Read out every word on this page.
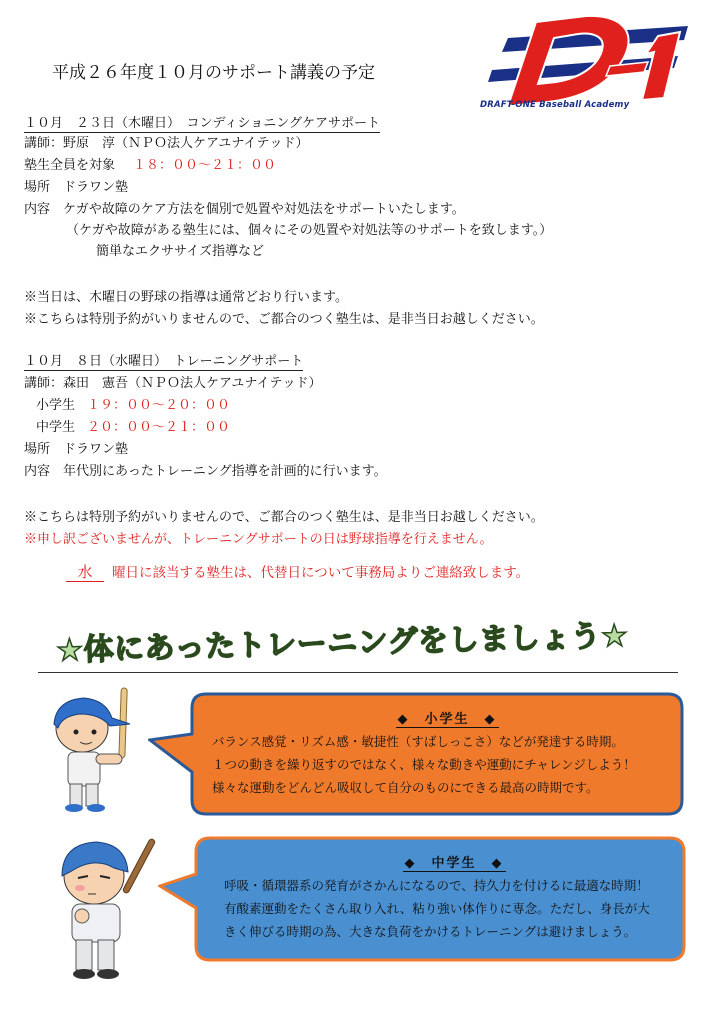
平成２６年度１０月のサポート講義の予定
DRAFT-ONE Baseball Academy
１０月　２３日（木曜日）　コンディショニングケアサポート
講師：野原　淳（ＮＰＯ法人ケアユナイテッド）
塾生全員を対象 １８：００～２１：００
場所　ドラワン塾
内容　ケガや故障のケア方法を個別で処置や対処法をサポートいたします。
（ケガや故障がある塾生には、個々にその処置や対処法等のサポートを致します。）
簡単なエクササイズ指導など
※当日は、木曜日の野球の指導は通常どおり行います。
※こちらは特別予約がいりませんので、ご都合のつく塾生は、是非当日お越しください。
１０月　８日（水曜日）　トレーニングサポート
講師：森田　憲吾（ＮＰＯ法人ケアユナイテッド）
小学生 １９：００～２０：００
中学生 ２０：００～２１：００
場所　ドラワン塾
内容　年代別にあったトレーニング指導を計画的に行います。
※こちらは特別予約がいりませんので、ご都合のつく塾生は、是非当日お越しください。
※申し訳ございませんが、トレーニングサポートの日は野球指導を行えません。
水 曜日に該当する塾生は、代替日について事務局よりご連絡致します。
★体にあったトレーニングをしましょう★
◆　小学生　◆
バランス感覚・リズム感・敏捷性（すばしっこさ）などが発達する時期。
１つの動きを繰り返すのではなく、様々な動きや運動にチャレンジしよう！
様々な運動をどんどん吸収して自分のものにできる最高の時期です。
◆　中学生　◆
呼吸・循環器系の発育がさかんになるので、持久力を付けるに最適な時期！
有酸素運動をたくさん取り入れ、粘り強い体作りに専念。ただし、身長が大
きく伸びる時期の為、大きな負荷をかけるトレーニングは避けましょう。
